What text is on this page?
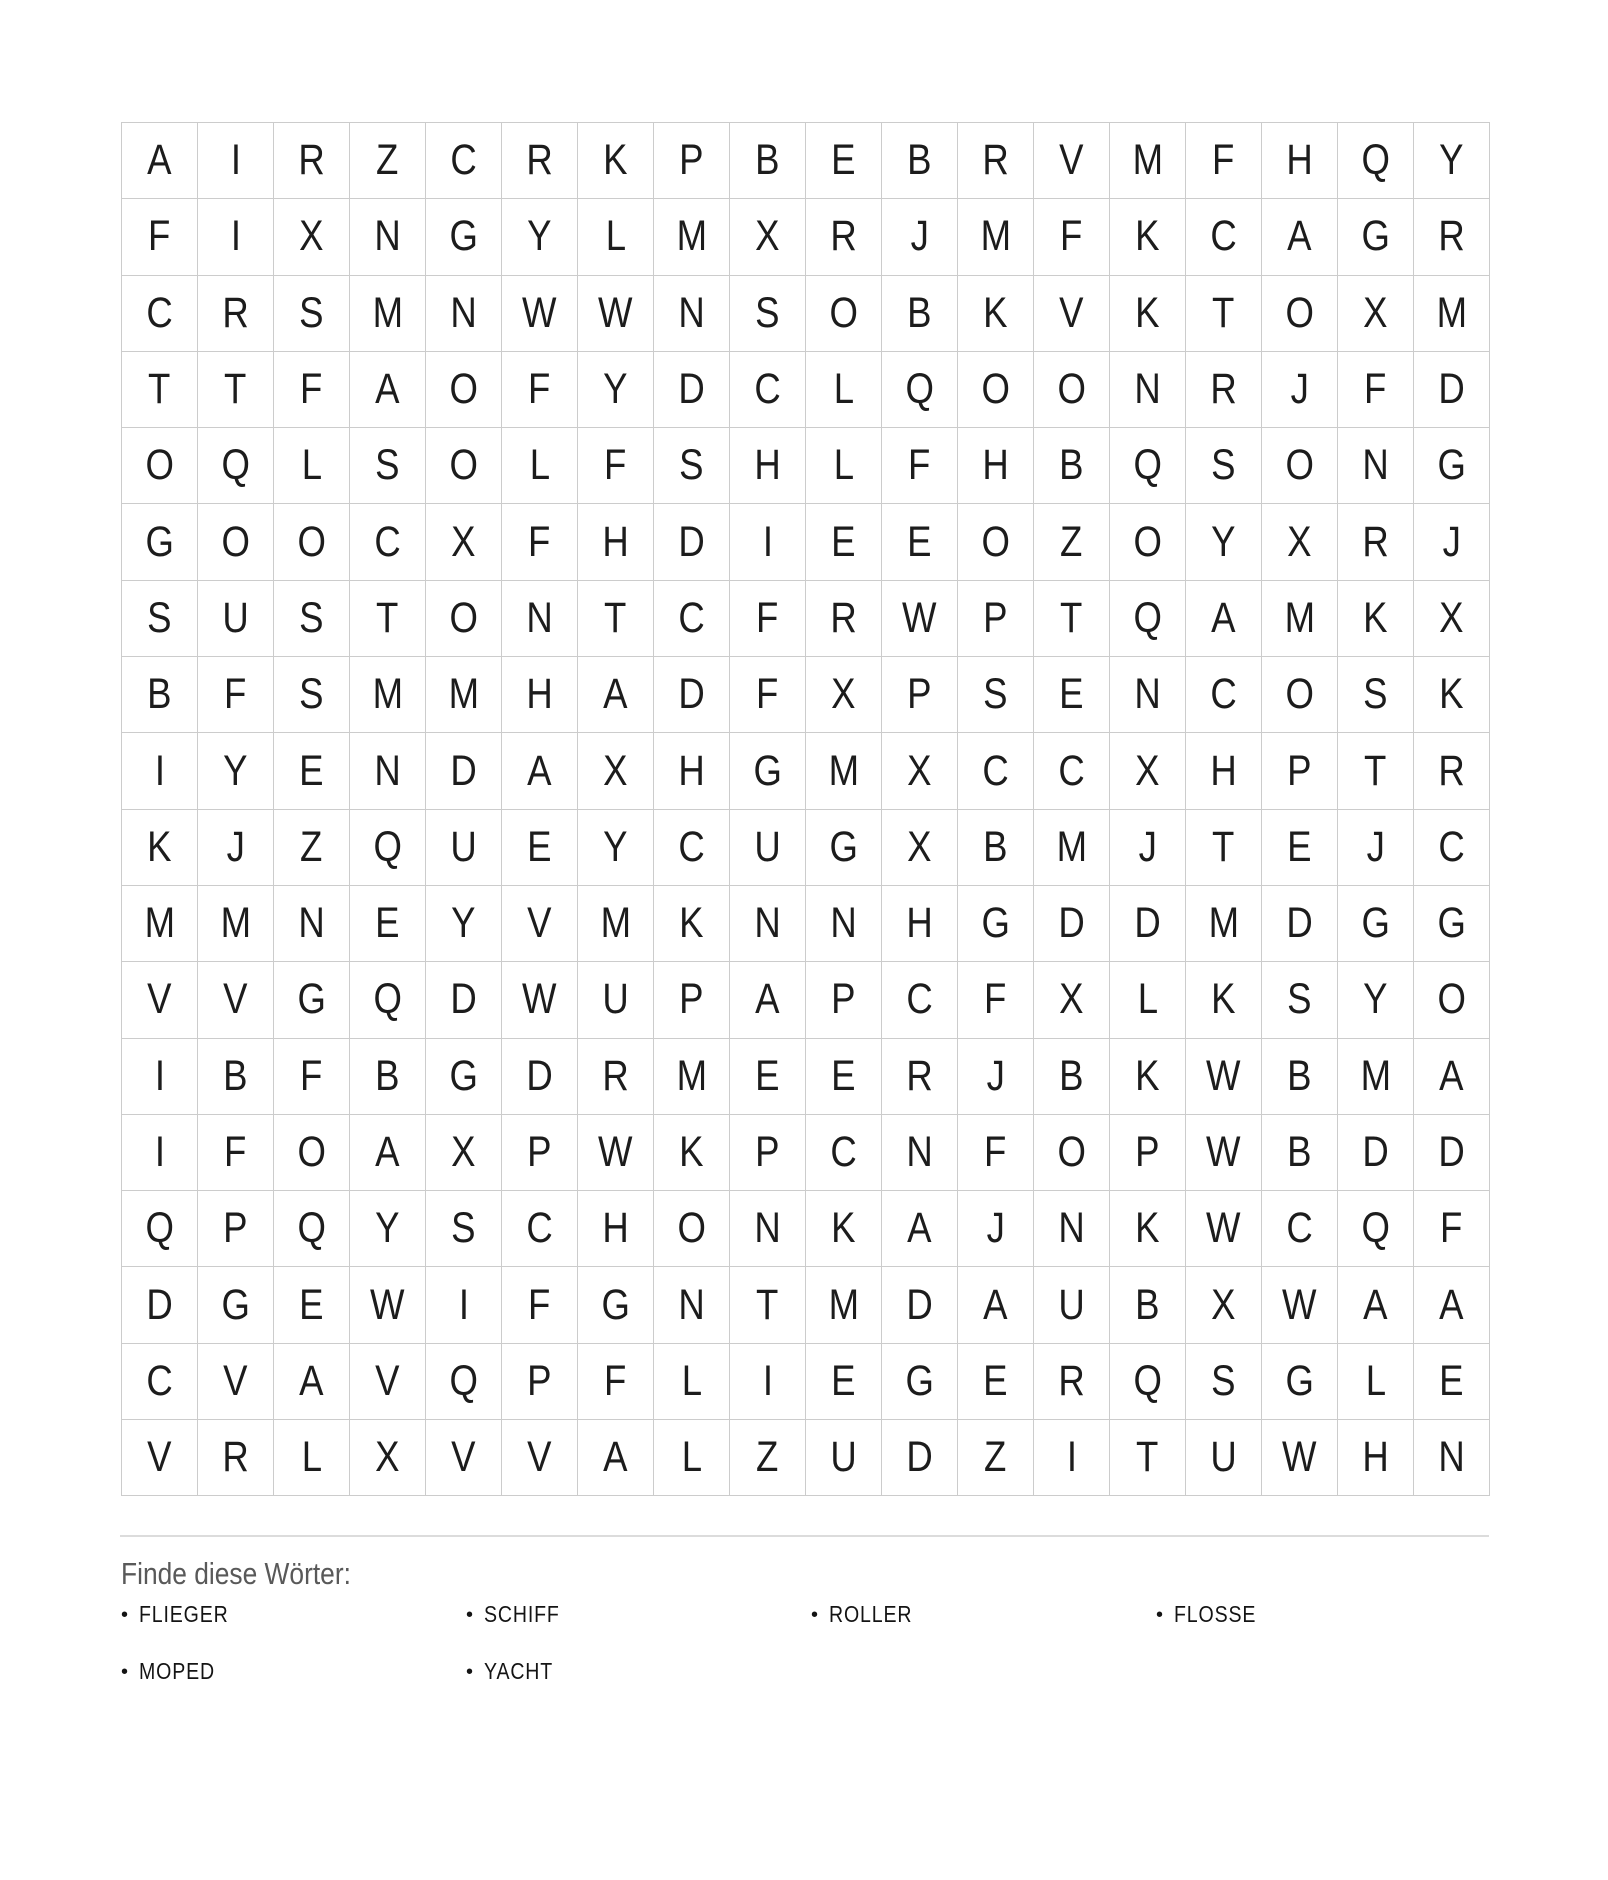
A I R Z C R K P B E B R V M F H Q Y
F I X N G Y L M X R J M F K C A G R
C R S M N W W N S O B K V K T O X M
T T F A O F Y D C L Q O O N R J F D
O Q L S O L F S H L F H B Q S O N G
G O O C X F H D I E E O Z O Y X R J
S U S T O N T C F R W P T Q A M K X
B F S M M H A D F X P S E N C O S K
I Y E N D A X H G M X C C X H P T R
K J Z Q U E Y C U G X B M J T E J C
M M N E Y V M K N N H G D D M D G G
V V G Q D W U P A P C F X L K S Y O
I B F B G D R M E E R J B K W B M A
I F O A X P W K P C N F O P W B D D
Q P Q Y S C H O N K A J N K W C Q F
D G E W I F G N T M D A U B X W A A
C V A V Q P F L I E G E R Q S G L E
V R L X V V A L Z U D Z I T U W H N
Finde diese Wörter:
• FLIEGER	• SCHIFF	• ROLLER	• FLOSSE
• MOPED	• YACHT
